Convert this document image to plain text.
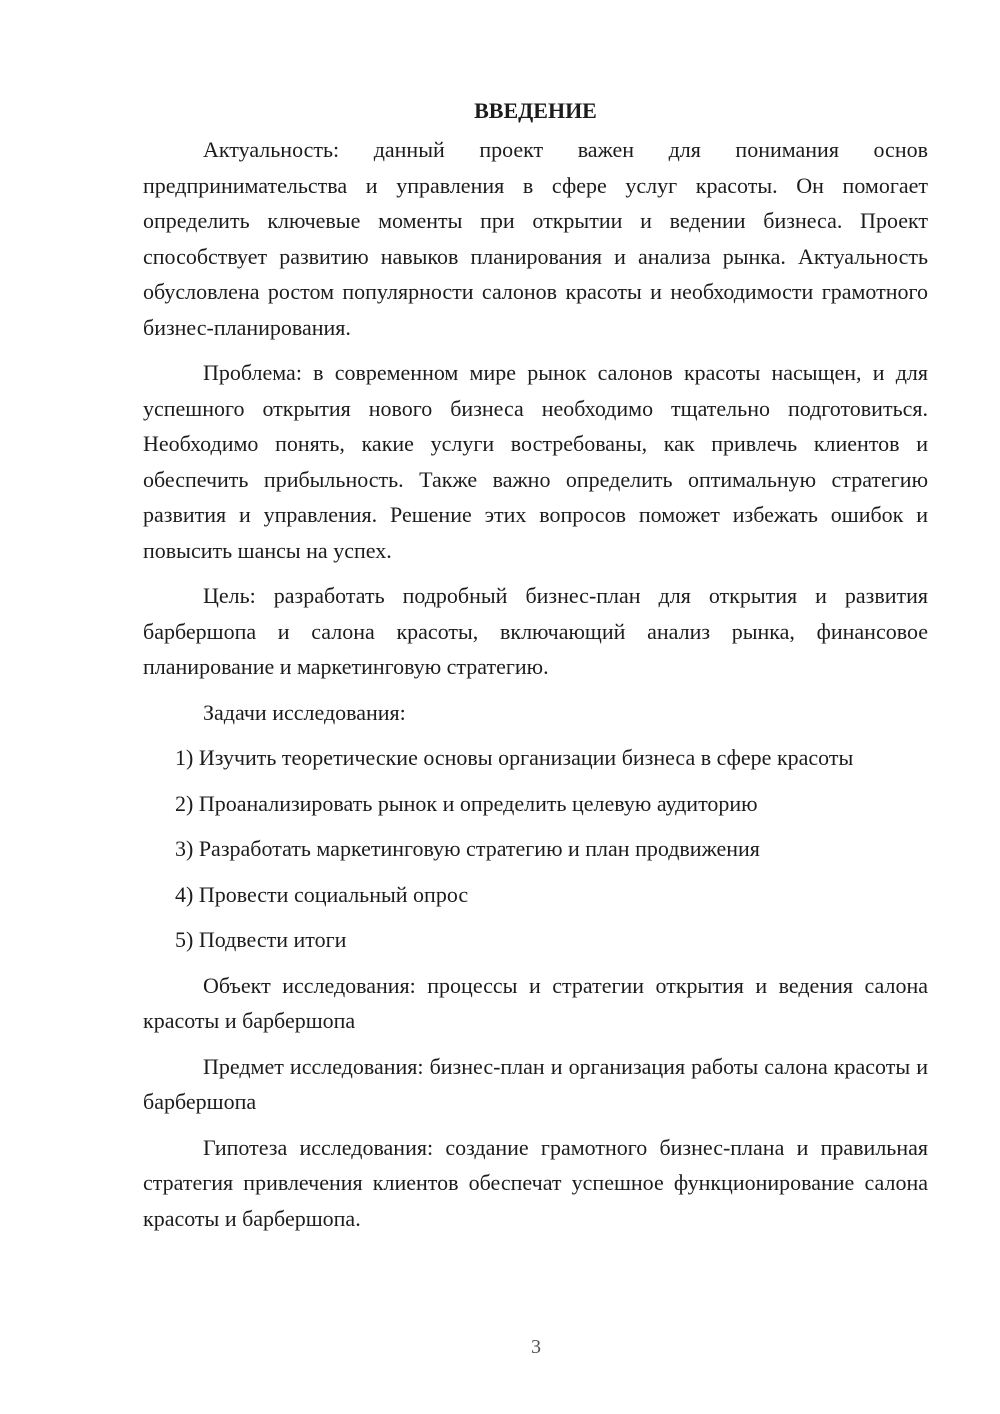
ВВЕДЕНИЕ

Актуальность: данный проект важен для понимания основ предпринимательства и управления в сфере услуг красоты. Он помогает определить ключевые моменты при открытии и ведении бизнеса. Проект способствует развитию навыков планирования и анализа рынка. Актуальность обусловлена ростом популярности салонов красоты и необходимости грамотного бизнес-планирования.

Проблема: в современном мире рынок салонов красоты насыщен, и для успешного открытия нового бизнеса необходимо тщательно подготовиться. Необходимо понять, какие услуги востребованы, как привлечь клиентов и обеспечить прибыльность. Также важно определить оптимальную стратегию развития и управления. Решение этих вопросов поможет избежать ошибок и повысить шансы на успех.

Цель: разработать подробный бизнес-план для открытия и развития барбершопа и салона красоты, включающий анализ рынка, финансовое планирование и маркетинговую стратегию.

Задачи исследования:

1) Изучить теоретические основы организации бизнеса в сфере красоты

2) Проанализировать рынок и определить целевую аудиторию

3) Разработать маркетинговую стратегию и план продвижения

4) Провести социальный опрос

5) Подвести итоги

Объект исследования: процессы и стратегии открытия и ведения салона красоты и барбершопа

Предмет исследования: бизнес-план и организация работы салона красоты и барбершопа

Гипотеза исследования: создание грамотного бизнес-плана и правильная стратегия привлечения клиентов обеспечат успешное функционирование салона красоты и барбершопа.

3
